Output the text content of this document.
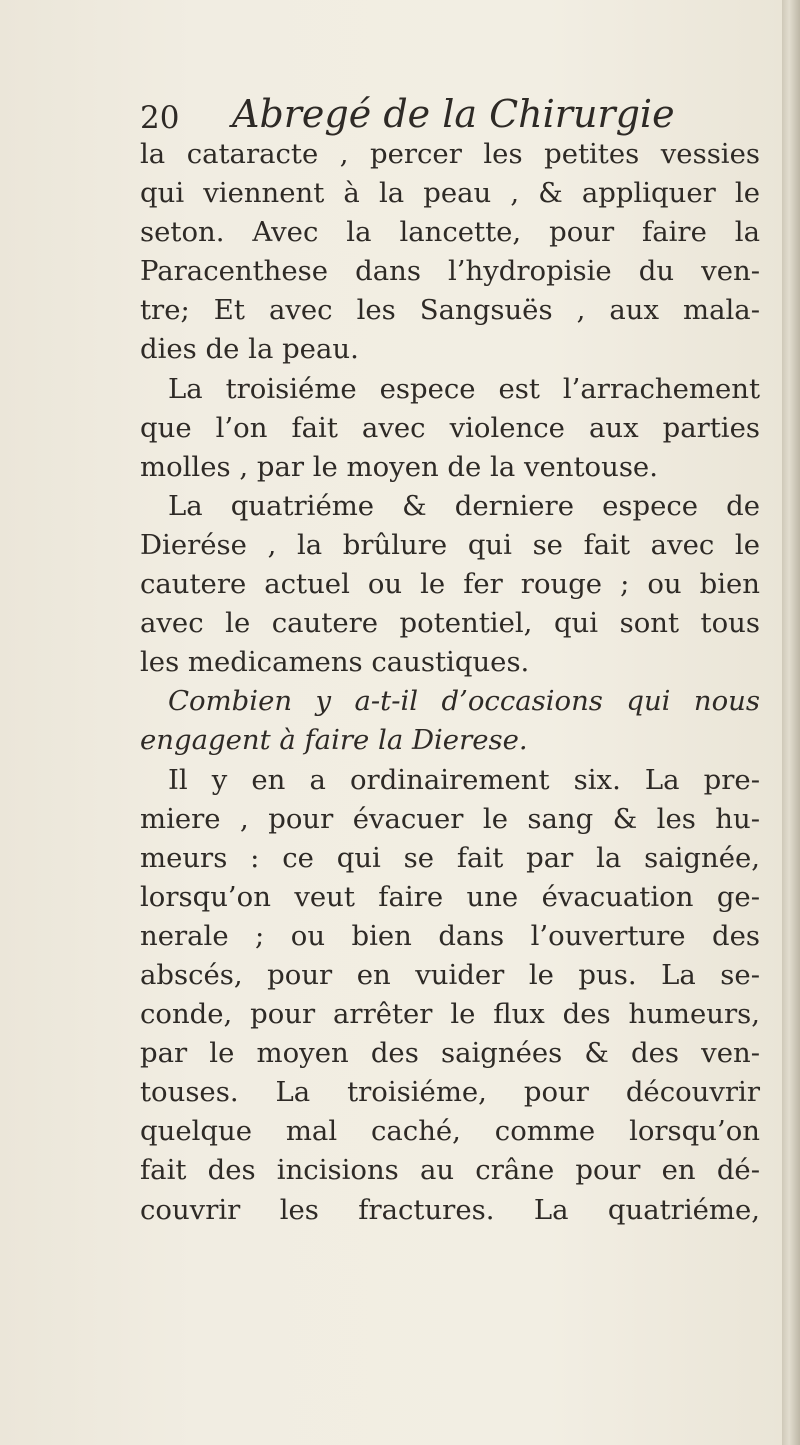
20 Abregé de la Chirurgie
la cataracte , percer les petites vessies
qui viennent à la peau , & appliquer le
seton. Avec la lancette, pour faire la
Paracenthese dans l’hydropisie du ven-
tre; Et avec les Sangsuës , aux mala-
dies de la peau.
La troisiéme espece est l’arrachement
que l’on fait avec violence aux parties
molles , par le moyen de la ventouse.
La quatriéme & derniere espece de
Dierése , la brûlure qui se fait avec le
cautere actuel ou le fer rouge ; ou bien
avec le cautere potentiel, qui sont tous
les medicamens caustiques.
Combien y a-t-il d’occasions qui nous
engagent à faire la Dierese.
Il y en a ordinairement six. La pre-
miere , pour évacuer le sang & les hu-
meurs : ce qui se fait par la saignée,
lorsqu’on veut faire une évacuation ge-
nerale ; ou bien dans l’ouverture des
abscés, pour en vuider le pus. La se-
conde, pour arrêter le flux des humeurs,
par le moyen des saignées & des ven-
touses. La troisiéme, pour découvrir
quelque mal caché, comme lorsqu’on
fait des incisions au crâne pour en dé-
couvrir les fractures. La quatriéme,
